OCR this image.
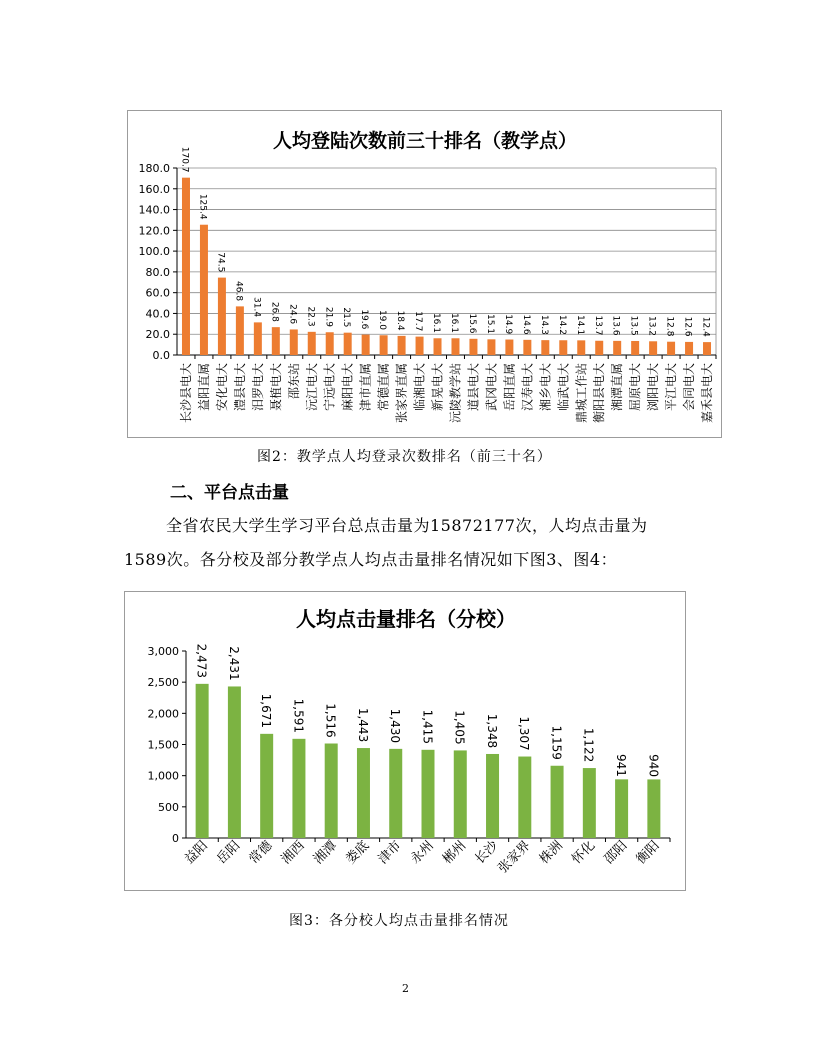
人均登陆次数前三十排名（教学点）
180.0
160.0
140.0
120.0
100.0
80.0
60.0
40.0
20.0
0.0
170.7
长沙县电大
125.4
益阳直属
74.5
安化电大
46.8
澧县电大
31.4
汨罗电大
26.8
聂植电大
24.6
邵东站
22.3
沅江电大
21.9
宁远电大
21.5
麻阳电大
19.6
津市直属
19.0
常德直属
18.4
张家界直属
17.7
临湘电大
16.1
新晃电大
16.1
沅陵教学站
15.6
道县电大
15.1
武冈电大
14.9
岳阳直属
14.6
汉寿电大
14.3
湘乡电大
14.2
临武电大
14.1
鼎城工作站
13.7
衡阳县电大
13.6
湘潭直属
13.5
屈原电大
13.2
浏阳电大
12.8
平江电大
12.6
会同电大
12.4
嘉禾县电大
图2：教学点人均登录次数排名（前三十名）
二、平台点击量
全省农民大学生学习平台总点击量为15872177次，人均点击量为
1589次。各分校及部分教学点人均点击量排名情况如下图3、图4：
人均点击量排名（分校）
3,000
2,500
2,000
1,500
1,000
500
0
2,473
益阳
2,431
岳阳
1,671
常德
1,591
湘西
1,516
湘潭
1,443
娄底
1,430
津市
1,415
永州
1,405
郴州
1,348
长沙
1,307
张家界
1,159
株洲
1,122
怀化
941
邵阳
940
衡阳
图3：各分校人均点击量排名情况
2
